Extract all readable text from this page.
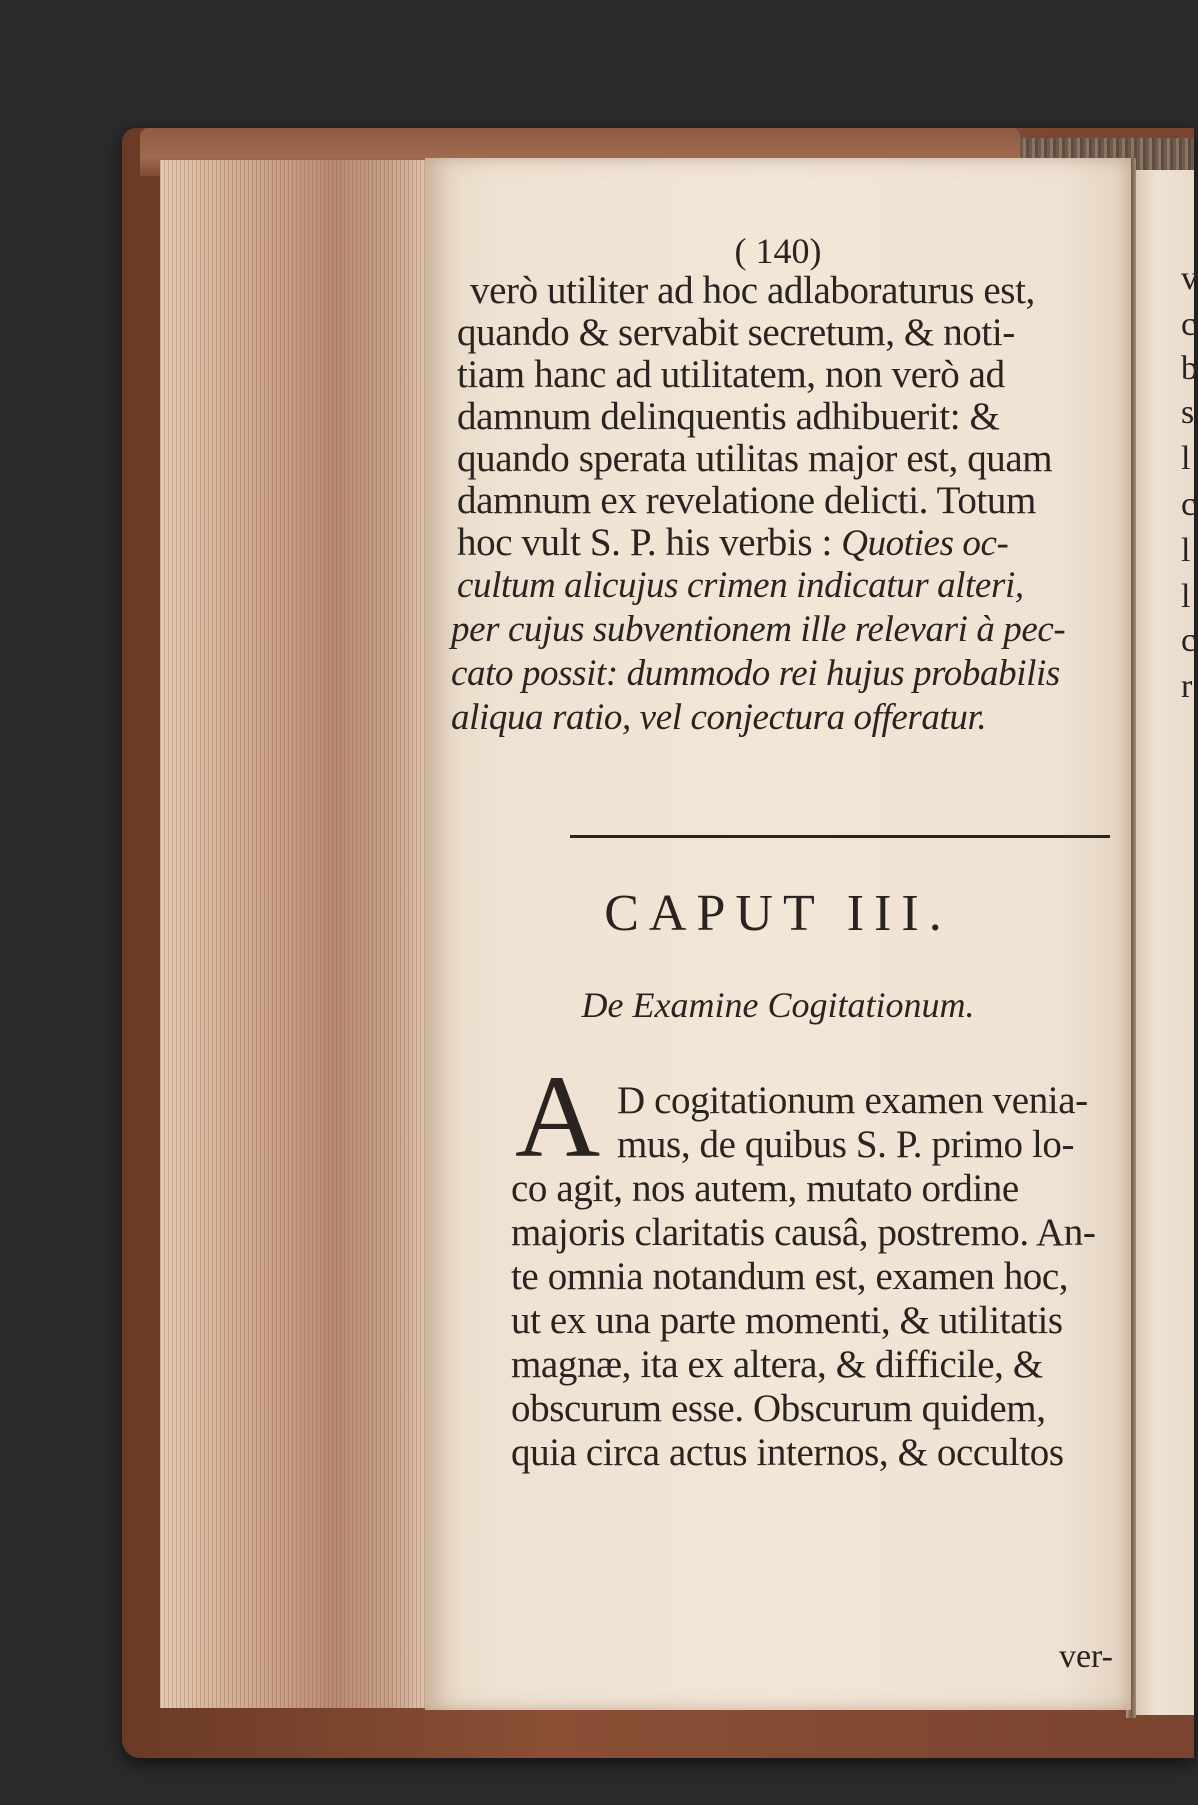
v
c
b
s
l
c
l
l
c
r
( 140)
verò utiliter ad hoc adlaboraturus est,
quando & servabit secretum, & noti-
tiam hanc ad utilitatem, non verò ad
damnum delinquentis adhibuerit: &
quando sperata utilitas major est, quam
damnum ex revelatione delicti. Totum
hoc vult S. P. his verbis : Quoties oc-
cultum alicujus crimen indicatur alteri,
per cujus subventionem ille relevari à pec-
cato possit: dummodo rei hujus probabilis
aliqua ratio, vel conjectura offeratur.
CAPUT III.
De Examine Cogitationum.
A D cogitationum examen venia-
mus, de quibus S. P. primo lo-
co agit, nos autem, mutato ordine
majoris claritatis causâ, postremo. An-
te omnia notandum est, examen hoc,
ut ex una parte momenti, & utilitatis
magnæ, ita ex altera, & difficile, &
obscurum esse. Obscurum quidem,
quia circa actus internos, & occultos
ver-
